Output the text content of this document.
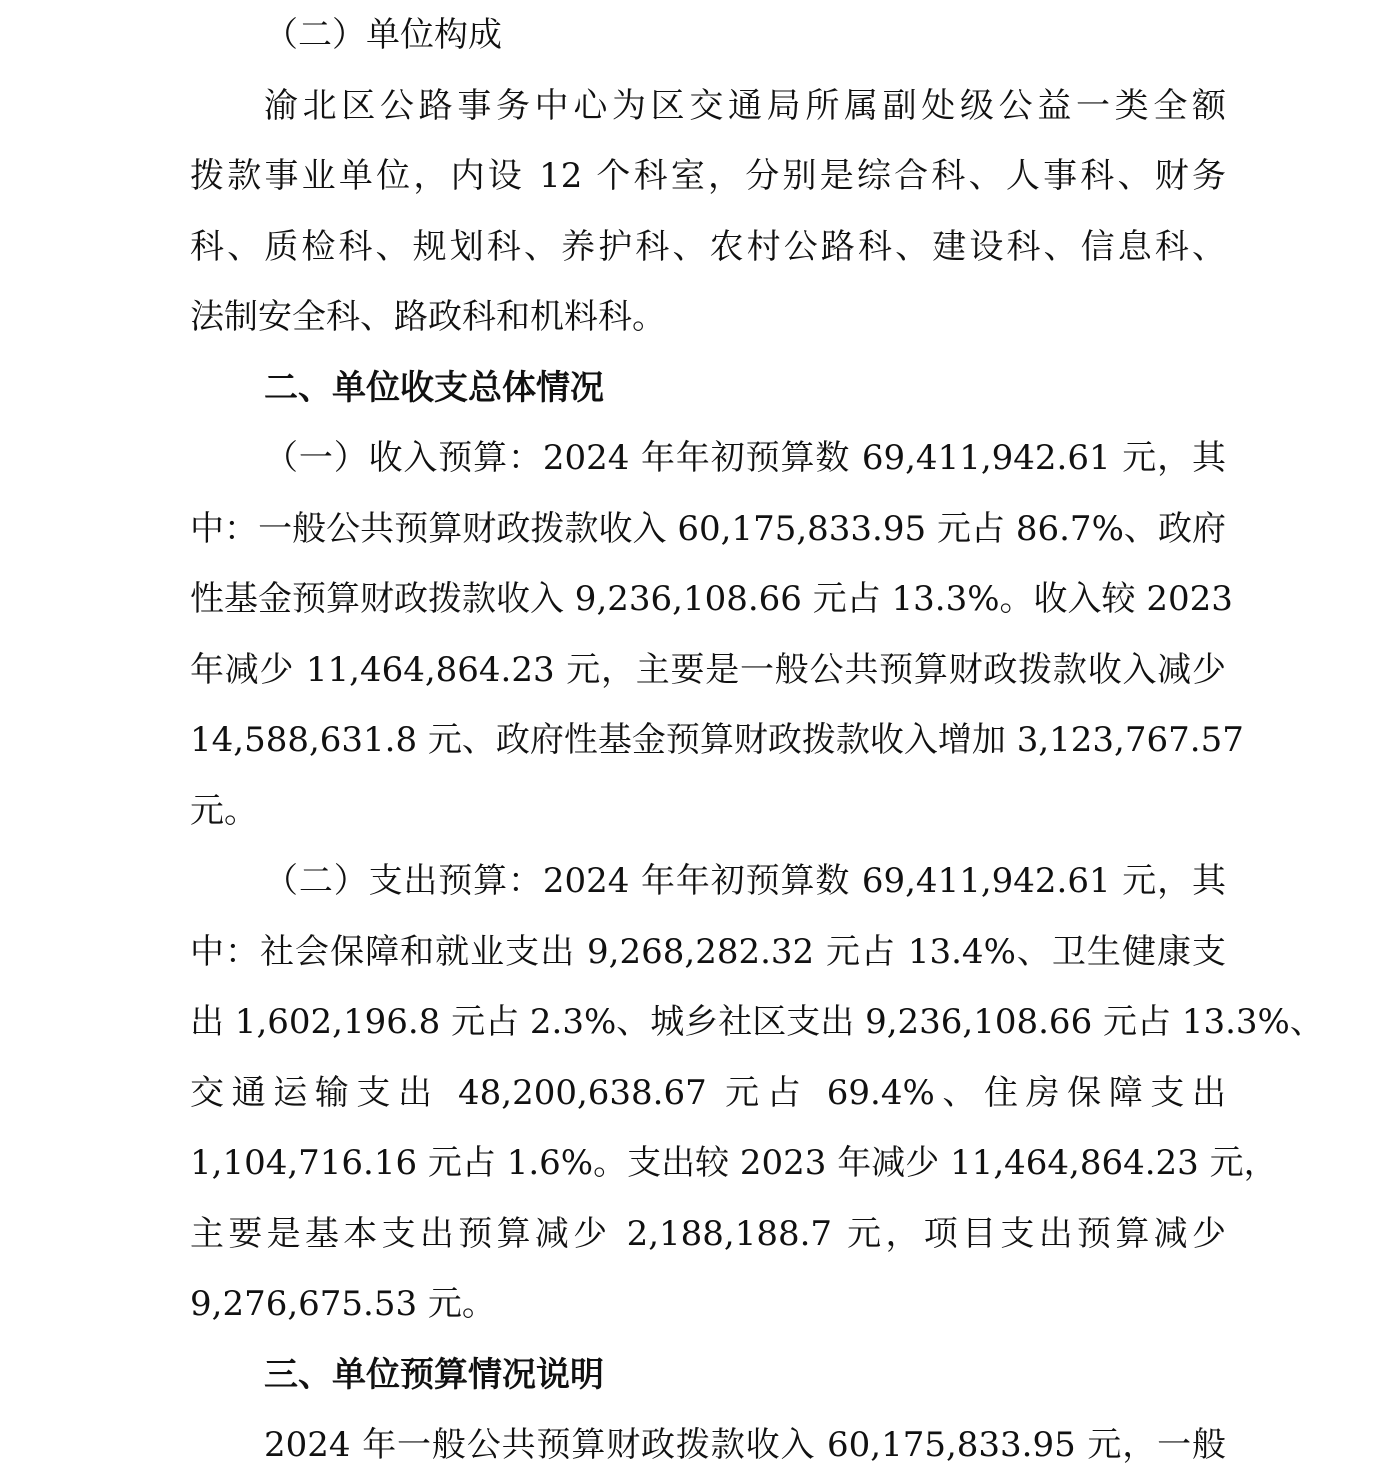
（二）单位构成
渝北区公路事务中心为区交通局所属副处级公益一类全额
拨款事业单位，内设 12 个科室，分别是综合科、人事科、财务
科、质检科、规划科、养护科、农村公路科、建设科、信息科、
法制安全科、路政科和机料科。
二、单位收支总体情况
（一）收入预算：2024 年年初预算数 69,411,942.61 元，其
中：一般公共预算财政拨款收入 60,175,833.95 元占 86.7%、政府
性基金预算财政拨款收入 9,236,108.66 元占 13.3%。收入较 2023
年减少 11,464,864.23 元，主要是一般公共预算财政拨款收入减少
14,588,631.8 元、政府性基金预算财政拨款收入增加 3,123,767.57
元。
（二）支出预算：2024 年年初预算数 69,411,942.61 元，其
中：社会保障和就业支出 9,268,282.32 元占 13.4%、卫生健康支
出 1,602,196.8 元占 2.3%、城乡社区支出 9,236,108.66 元占 13.3%、
交通运输支出 48,200,638.67 元占 69.4%、住房保障支出
1,104,716.16 元占 1.6%。支出较 2023 年减少 11,464,864.23 元，
主要是基本支出预算减少 2,188,188.7 元，项目支出预算减少
9,276,675.53 元。
三、单位预算情况说明
2024 年一般公共预算财政拨款收入 60,175,833.95 元，一般
